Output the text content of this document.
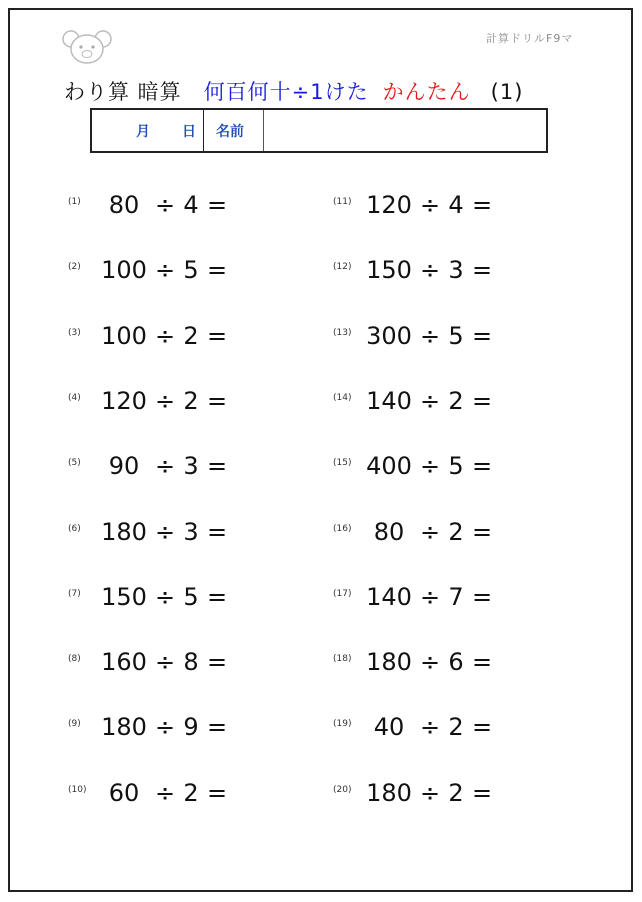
計算ドリルF9マ
わり算 暗算 何百何十÷1けた かんたん (1)
月 日 名前
(1)	80 ÷ 4 =
(2) 100 ÷ 5 =
(3) 100 ÷ 2 =
(4) 120 ÷ 2 =
(5)	90 ÷ 3 =
(6) 180 ÷ 3 =
(7) 150 ÷ 5 =
(8) 160 ÷ 8 =
(9) 180 ÷ 9 =
(10) 60 ÷ 2 =
(11) 120 ÷ 4 =
(12) 150 ÷ 3 =
(13) 300 ÷ 5 =
(14) 140 ÷ 2 =
(15) 400 ÷ 5 =
(16) 80 ÷ 2 =
(17) 140 ÷ 7 =
(18) 180 ÷ 6 =
(19) 40 ÷ 2 =
(20) 180 ÷ 2 =
